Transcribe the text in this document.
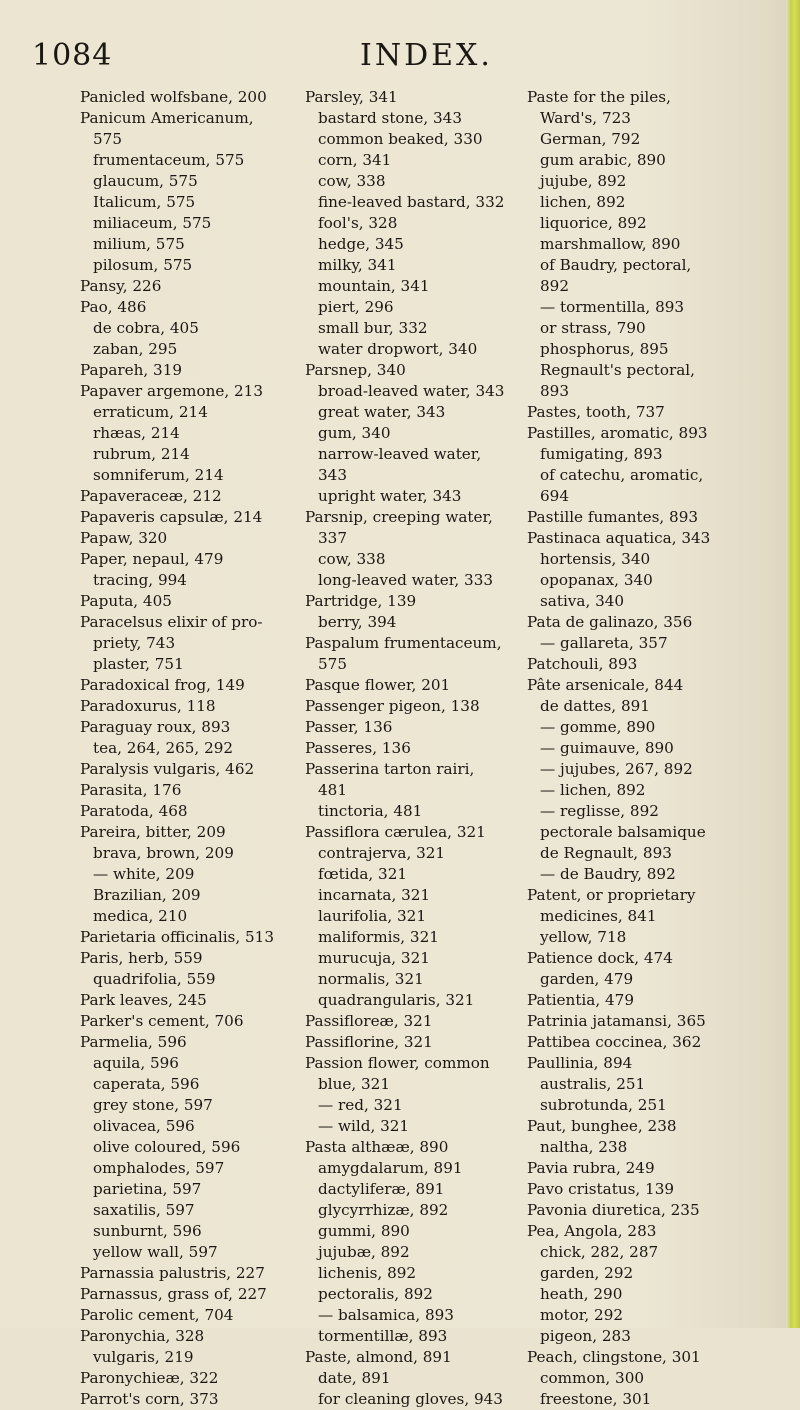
1084	INDEX.
Panicled wolfsbane, 200
Panicum Americanum,
575
frumentaceum, 575
glaucum, 575
Italicum, 575
miliaceum, 575
milium, 575
pilosum, 575
Pansy, 226
Pao, 486
de cobra, 405
zaban, 295
Papareh, 319
Papaver argemone, 213
erraticum, 214
rhæas, 214
rubrum, 214
somniferum, 214
Papaveraceæ, 212
Papaveris capsulæ, 214
Papaw, 320
Paper, nepaul, 479
tracing, 994
Paputa, 405
Paracelsus elixir of pro-
priety, 743
plaster, 751
Paradoxical frog, 149
Paradoxurus, 118
Paraguay roux, 893
tea, 264, 265, 292
Paralysis vulgaris, 462
Parasita, 176
Paratoda, 468
Pareira, bitter, 209
brava, brown, 209
— white, 209
Brazilian, 209
medica, 210
Parietaria officinalis, 513
Paris, herb, 559
quadrifolia, 559
Park leaves, 245
Parker's cement, 706
Parmelia, 596
aquila, 596
caperata, 596
grey stone, 597
olivacea, 596
olive coloured, 596
omphalodes, 597
parietina, 597
saxatilis, 597
sunburnt, 596
yellow wall, 597
Parnassia palustris, 227
Parnassus, grass of, 227
Parolic cement, 704
Paronychia, 328
vulgaris, 219
Paronychieæ, 322
Parrot's corn, 373
Parsley, 341
bastard stone, 343
common beaked, 330
corn, 341
cow, 338
fine-leaved bastard, 332
fool's, 328
hedge, 345
milky, 341
mountain, 341
piert, 296
small bur, 332
water dropwort, 340
Parsnep, 340
broad-leaved water, 343
great water, 343
gum, 340
narrow-leaved water,
343
upright water, 343
Parsnip, creeping water,
337
cow, 338
long-leaved water, 333
Partridge, 139
berry, 394
Paspalum frumentaceum,
575
Pasque flower, 201
Passenger pigeon, 138
Passer, 136
Passeres, 136
Passerina tarton rairi,
481
tinctoria, 481
Passiflora cærulea, 321
contrajerva, 321
fœtida, 321
incarnata, 321
laurifolia, 321
maliformis, 321
murucuja, 321
normalis, 321
quadrangularis, 321
Passifloreæ, 321
Passiflorine, 321
Passion flower, common
blue, 321
— red, 321
— wild, 321
Pasta althææ, 890
amygdalarum, 891
dactyliferæ, 891
glycyrrhizæ, 892
gummi, 890
jujubæ, 892
lichenis, 892
pectoralis, 892
— balsamica, 893
tormentillæ, 893
Paste, almond, 891
date, 891
for cleaning gloves, 943
Paste for the piles,
Ward's, 723
German, 792
gum arabic, 890
jujube, 892
lichen, 892
liquorice, 892
marshmallow, 890
of Baudry, pectoral,
892
— tormentilla, 893
or strass, 790
phosphorus, 895
Regnault's pectoral,
893
Pastes, tooth, 737
Pastilles, aromatic, 893
fumigating, 893
of catechu, aromatic,
694
Pastille fumantes, 893
Pastinaca aquatica, 343
hortensis, 340
opopanax, 340
sativa, 340
Pata de galinazo, 356
— gallareta, 357
Patchouli, 893
Pâte arsenicale, 844
de dattes, 891
— gomme, 890
— guimauve, 890
— jujubes, 267, 892
— lichen, 892
— reglisse, 892
pectorale balsamique
de Regnault, 893
— de Baudry, 892
Patent, or proprietary
medicines, 841
yellow, 718
Patience dock, 474
garden, 479
Patientia, 479
Patrinia jatamansi, 365
Pattibea coccinea, 362
Paullinia, 894
australis, 251
subrotunda, 251
Paut, bunghee, 238
naltha, 238
Pavia rubra, 249
Pavo cristatus, 139
Pavonia diuretica, 235
Pea, Angola, 283
chick, 282, 287
garden, 292
heath, 290
motor, 292
pigeon, 283
Peach, clingstone, 301
common, 300
freestone, 301
